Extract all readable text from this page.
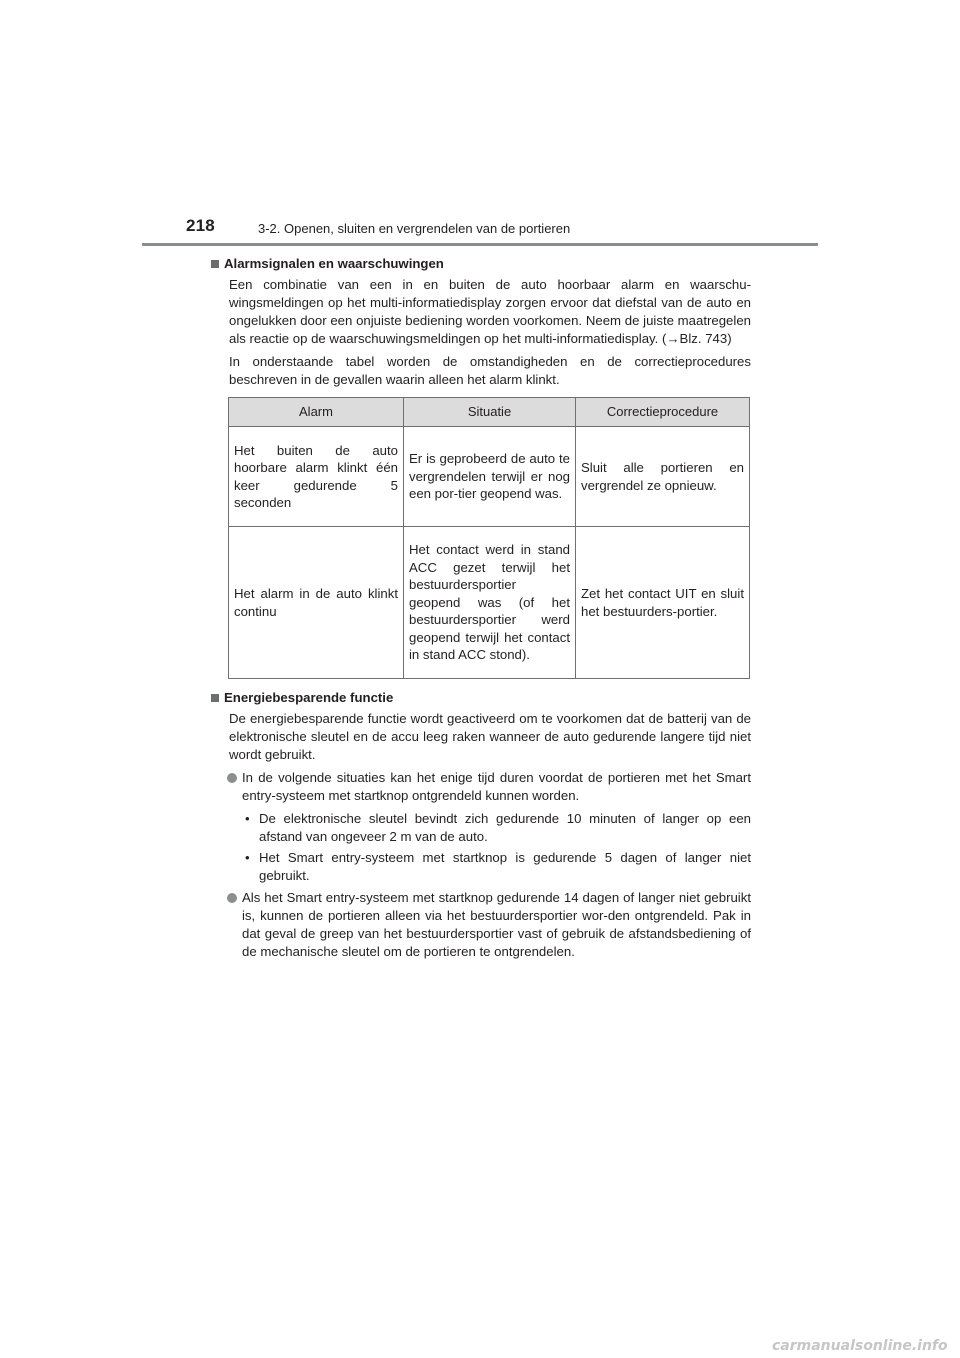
218	3-2. Openen, sluiten en vergrendelen van de portieren
Alarmsignalen en waarschuwingen

Een combinatie van een in en buiten de auto hoorbaar alarm en waarschu-wingsmeldingen op het multi-informatiedisplay zorgen ervoor dat diefstal van de auto en ongelukken door een onjuiste bediening worden voorkomen. Neem de juiste maatregelen als reactie op de waarschuwingsmeldingen op het multi-informatiedisplay. (→Blz. 743)

In onderstaande tabel worden de omstandigheden en de correctieprocedures beschreven in de gevallen waarin alleen het alarm klinkt.

Alarm	Situatie	Correctieprocedure
Het buiten de auto hoorbare alarm klinkt één keer gedurende 5 seconden	Er is geprobeerd de auto te vergrendelen terwijl er nog een por-tier geopend was.	Sluit alle portieren en vergrendel ze opnieuw.
Het alarm in de auto klinkt continu	Het contact werd in stand ACC gezet terwijl het bestuurdersportier geopend was (of het bestuurdersportier werd geopend terwijl het contact in stand ACC stond).	Zet het contact UIT en sluit het bestuurders-portier.
Energiebesparende functie

De energiebesparende functie wordt geactiveerd om te voorkomen dat de batterij van de elektronische sleutel en de accu leeg raken wanneer de auto gedurende langere tijd niet wordt gebruikt.

In de volgende situaties kan het enige tijd duren voordat de portieren met het Smart entry-systeem met startknop ontgrendeld kunnen worden.
• De elektronische sleutel bevindt zich gedurende 10 minuten of langer op een afstand van ongeveer 2 m van de auto.
• Het Smart entry-systeem met startknop is gedurende 5 dagen of langer niet gebruikt.
Als het Smart entry-systeem met startknop gedurende 14 dagen of langer niet gebruikt is, kunnen de portieren alleen via het bestuurdersportier wor-den ontgrendeld. Pak in dat geval de greep van het bestuurdersportier vast of gebruik de afstandsbediening of de mechanische sleutel om de portieren te ontgrendelen.
carmanualsonline.info
